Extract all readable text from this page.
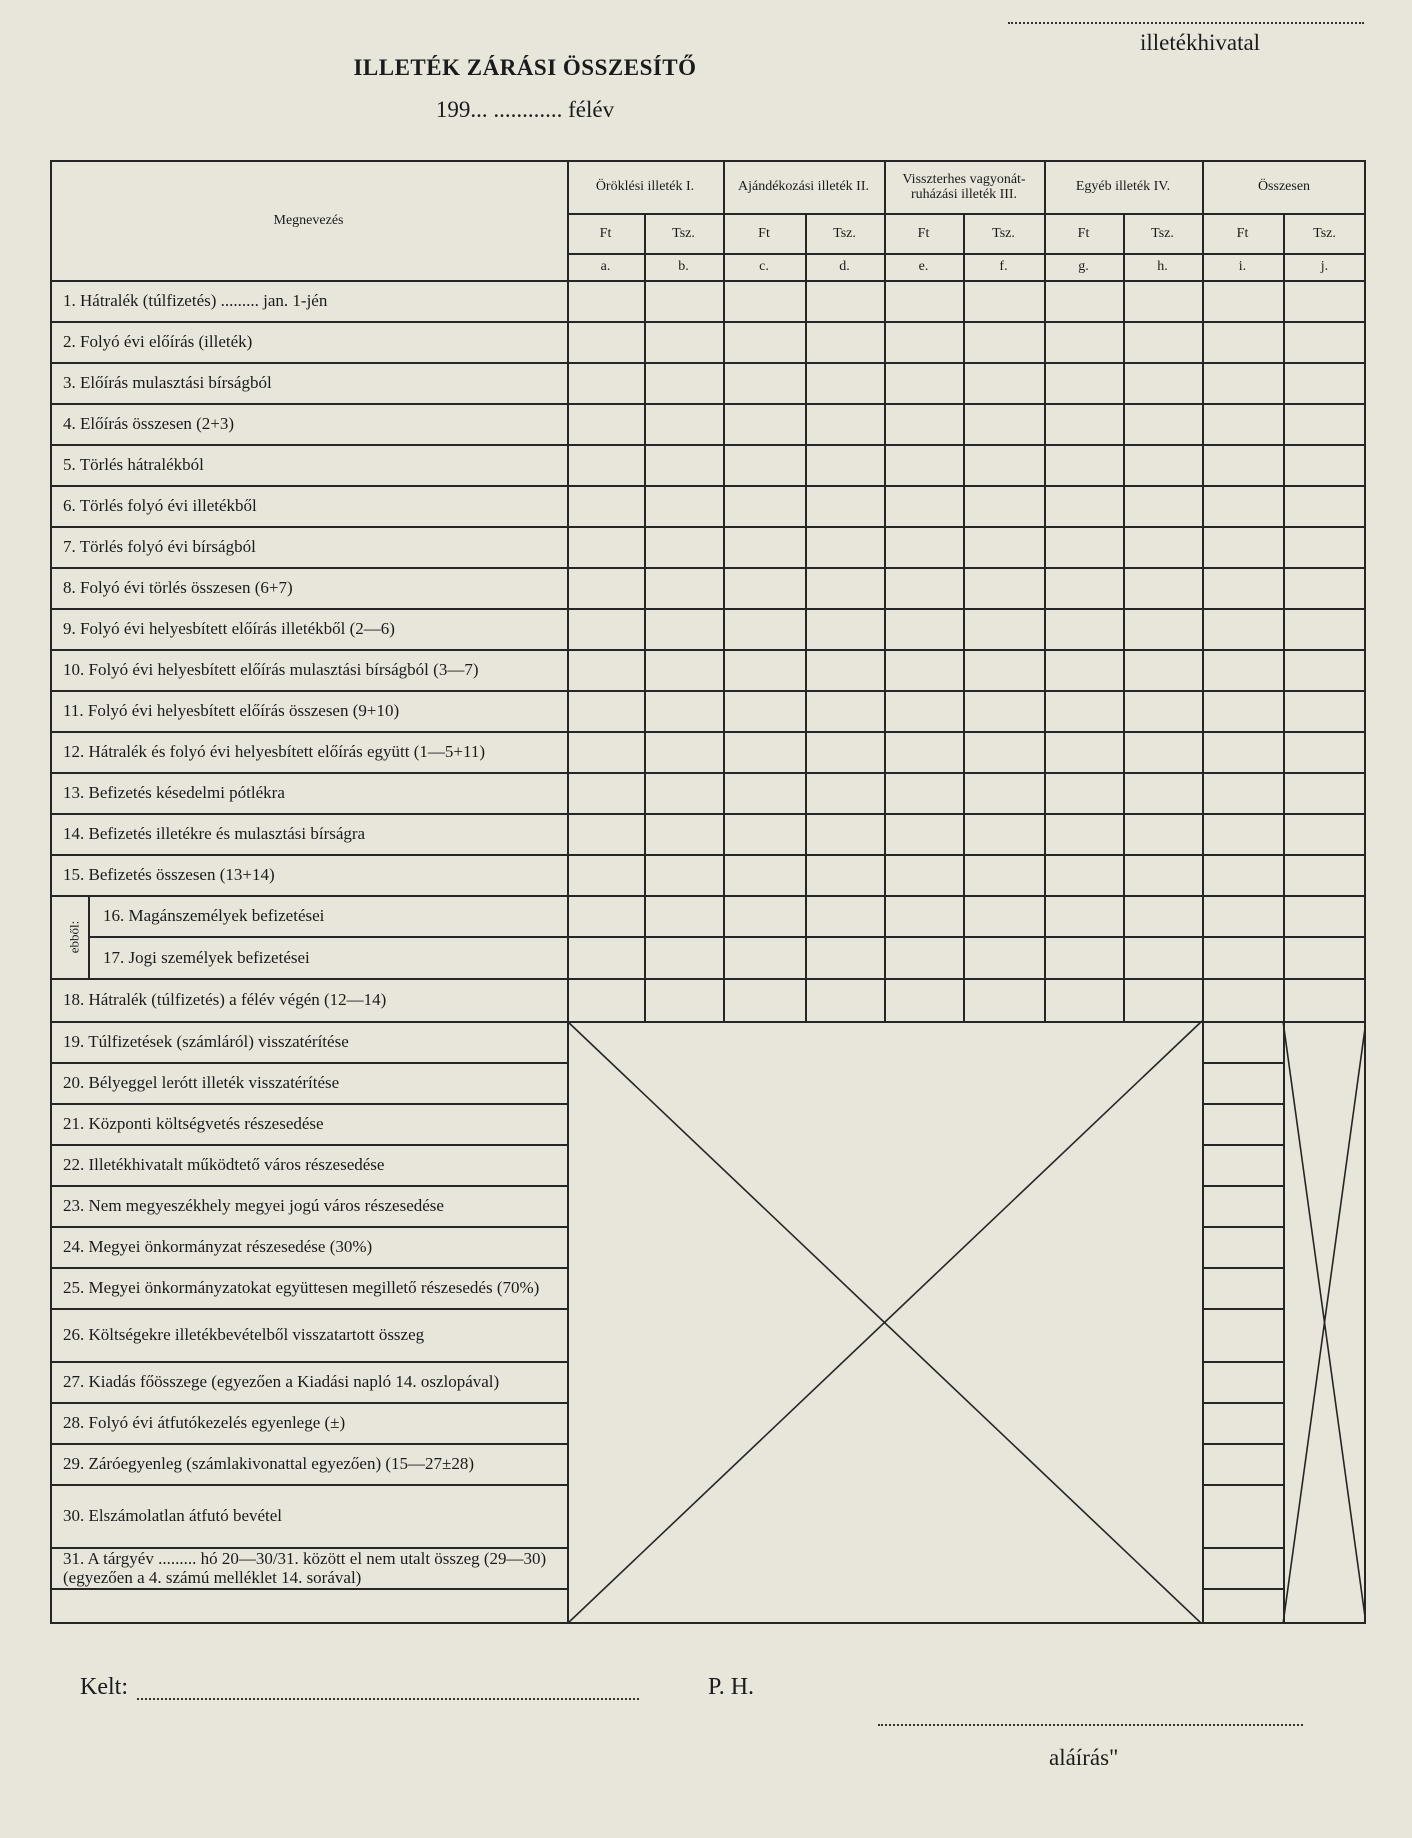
illetékhivatal
ILLETÉK ZÁRÁSI ÖSSZESÍTŐ
199... ............ félév
Megnevezés
Öröklési illeték I.	Ajándékozási illeték II.	Visszterhes vagyonát-ruházási illeték III.	Egyéb illeték IV.	Összesen
Ft	Tsz.	Ft	Tsz.	Ft	Tsz.	Ft	Tsz.	Ft	Tsz.
a.	b.	c.	d.	e.	f.	g.	h.	i.	j.
1. Hátralék (túlfizetés) ......... jan. 1-jén
2. Folyó évi előírás (illeték)
3. Előírás mulasztási bírságból
4. Előírás összesen (2+3)
5. Törlés hátralékból
6. Törlés folyó évi illetékből
7. Törlés folyó évi bírságból
8. Folyó évi törlés összesen (6+7)
9. Folyó évi helyesbített előírás illetékből (2—6)
10. Folyó évi helyesbített előírás mulasztási bírságból (3—7)
11. Folyó évi helyesbített előírás összesen (9+10)
12. Hátralék és folyó évi helyesbített előírás együtt (1—5+11)
13. Befizetés késedelmi pótlékra
14. Befizetés illetékre és mulasztási bírságra
15. Befizetés összesen (13+14)
16. Magánszemélyek befizetései
17. Jogi személyek befizetései
18. Hátralék (túlfizetés) a félév végén (12—14)
19. Túlfizetések (számláról) visszatérítése
20. Bélyeggel lerótt illeték visszatérítése
21. Központi költségvetés részesedése
22. Illetékhivatalt működtető város részesedése
23. Nem megyeszékhely megyei jogú város részesedése
24. Megyei önkormányzat részesedése (30%)
25. Megyei önkormányzatokat együttesen megillető részesedés (70%)
26. Költségekre illetékbevételből visszatartott összeg
27. Kiadás főösszege (egyezően a Kiadási napló 14. oszlopával)
28. Folyó évi átfutókezelés egyenlege (±)
29. Záróegyenleg (számlakivonattal egyezően) (15—27±28)
30. Elszámolatlan átfutó bevétel
31. A tárgyév ......... hó 20—30/31. között el nem utalt összeg (29—30) (egyezően a 4. számú melléklet 14. sorával)
ebből:
Kelt:	P. H.
aláírás"
